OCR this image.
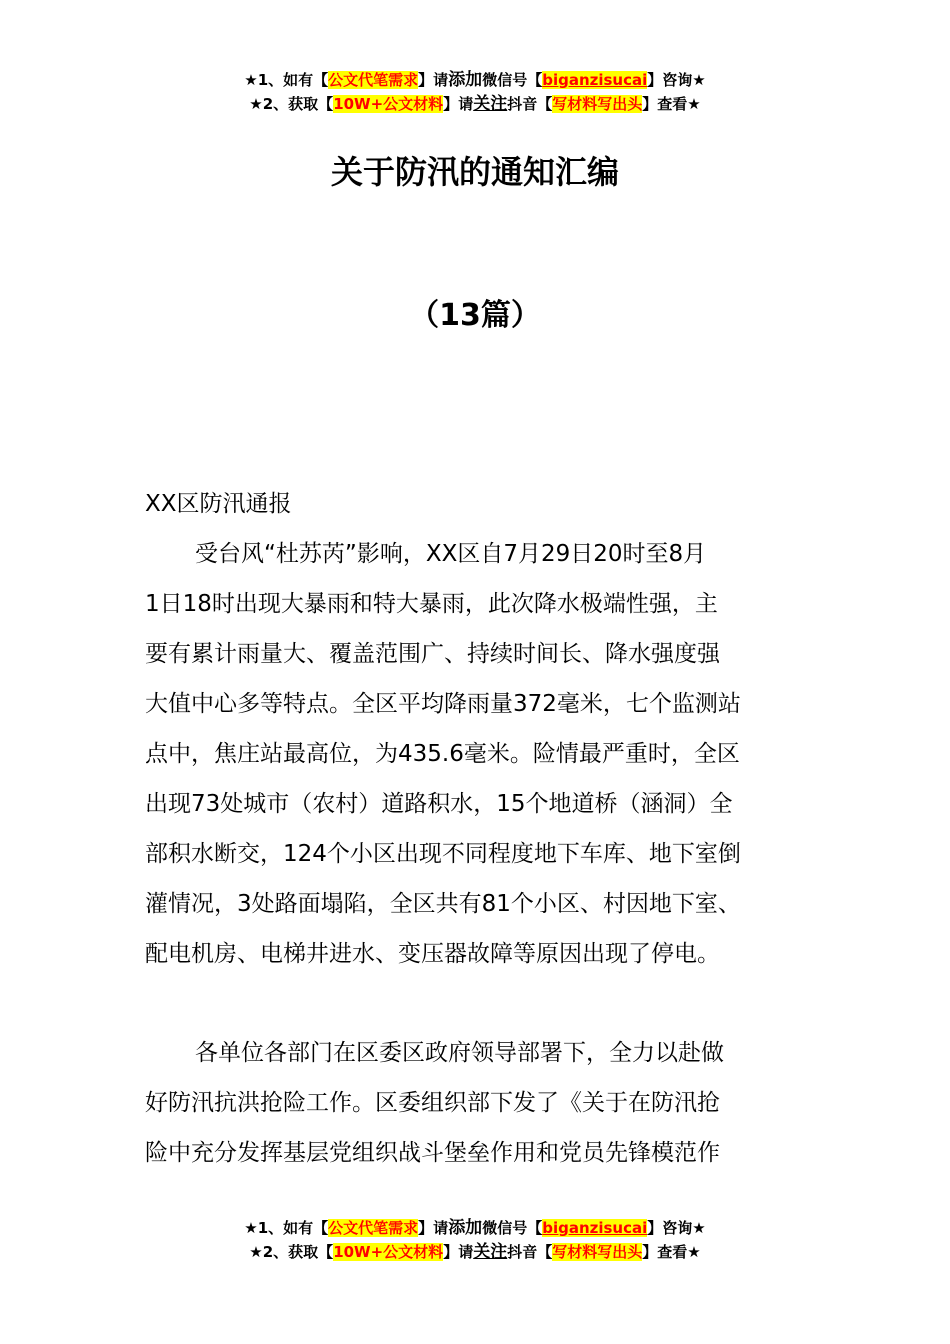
★1、如有【公文代笔需求】请添加微信号【biganzisucai】咨询★
★2、获取【10W+公文材料】请关注抖音【写材料写出头】查看★
关于防汛的通知汇编
（13篇）
XX区防汛通报
受台风“杜苏芮”影响，XX区自7月29日20时至8月
1日18时出现大暴雨和特大暴雨，此次降水极端性强，主
要有累计雨量大、覆盖范围广、持续时间长、降水强度强
大值中心多等特点。全区平均降雨量372毫米，七个监测站
点中，焦庄站最高位，为435.6毫米。险情最严重时，全区
出现73处城市（农村）道路积水，15个地道桥（涵洞）全
部积水断交，124个小区出现不同程度地下车库、地下室倒
灌情况，3处路面塌陷，全区共有81个小区、村因地下室、
配电机房、电梯井进水、变压器故障等原因出现了停电。
各单位各部门在区委区政府领导部署下，全力以赴做
好防汛抗洪抢险工作。区委组织部下发了《关于在防汛抢
险中充分发挥基层党组织战斗堡垒作用和党员先锋模范作
★1、如有【公文代笔需求】请添加微信号【biganzisucai】咨询★
★2、获取【10W+公文材料】请关注抖音【写材料写出头】查看★
